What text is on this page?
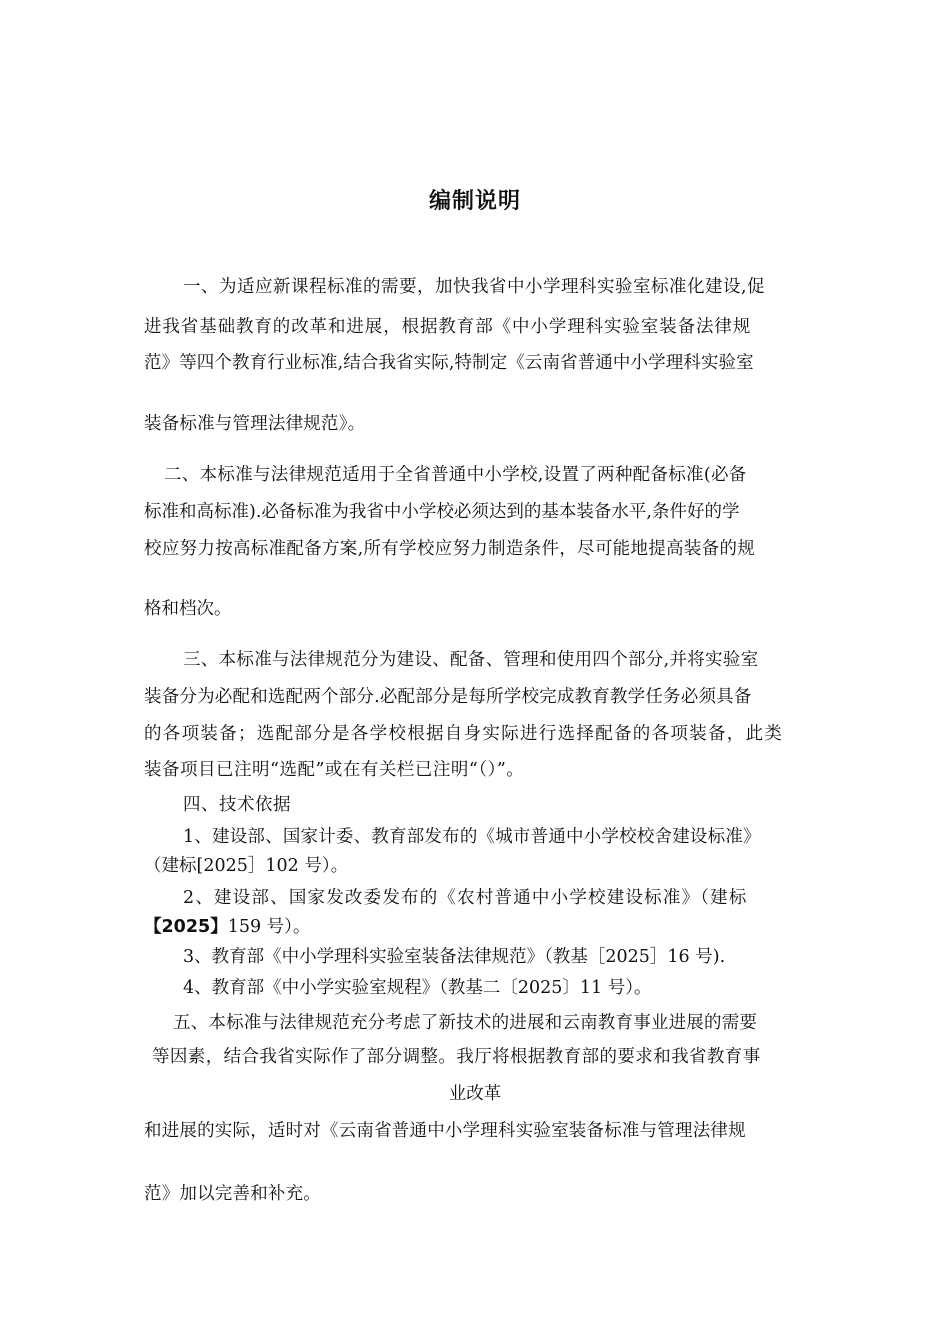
编制说明
一、为适应新课程标准的需要，加快我省中小学理科实验室标准化建设,促
进我省基础教育的改革和进展，根据教育部《中小学理科实验室装备法律规
范》等四个教育行业标准,结合我省实际,特制定《云南省普通中小学理科实验室
装备标准与管理法律规范》。
二、本标准与法律规范适用于全省普通中小学校,设置了两种配备标准(必备
标准和高标准).必备标准为我省中小学校必须达到的基本装备水平,条件好的学
校应努力按高标准配备方案,所有学校应努力制造条件，尽可能地提高装备的规
格和档次。
三、本标准与法律规范分为建设、配备、管理和使用四个部分,并将实验室
装备分为必配和选配两个部分.必配部分是每所学校完成教育教学任务必须具备
的各项装备；选配部分是各学校根据自身实际进行选择配备的各项装备，此类
装备项目已注明“选配”或在有关栏已注明“（）”。
四、技术依据
1、建设部、国家计委、教育部发布的《城市普通中小学校校舍建设标准》
（建标[2025］102 号）。
2、建设部、国家发改委发布的《农村普通中小学校建设标准》（建标
【2025】159 号）。
3、教育部《中小学理科实验室装备法律规范》（教基［2025］16 号).
4、教育部《中小学实验室规程》（教基二〔2025〕11 号）。
五、本标准与法律规范充分考虑了新技术的进展和云南教育事业进展的需要
等因素，结合我省实际作了部分调整。我厅将根据教育部的要求和我省教育事
业改革
和进展的实际，适时对《云南省普通中小学理科实验室装备标准与管理法律规
范》加以完善和补充。
